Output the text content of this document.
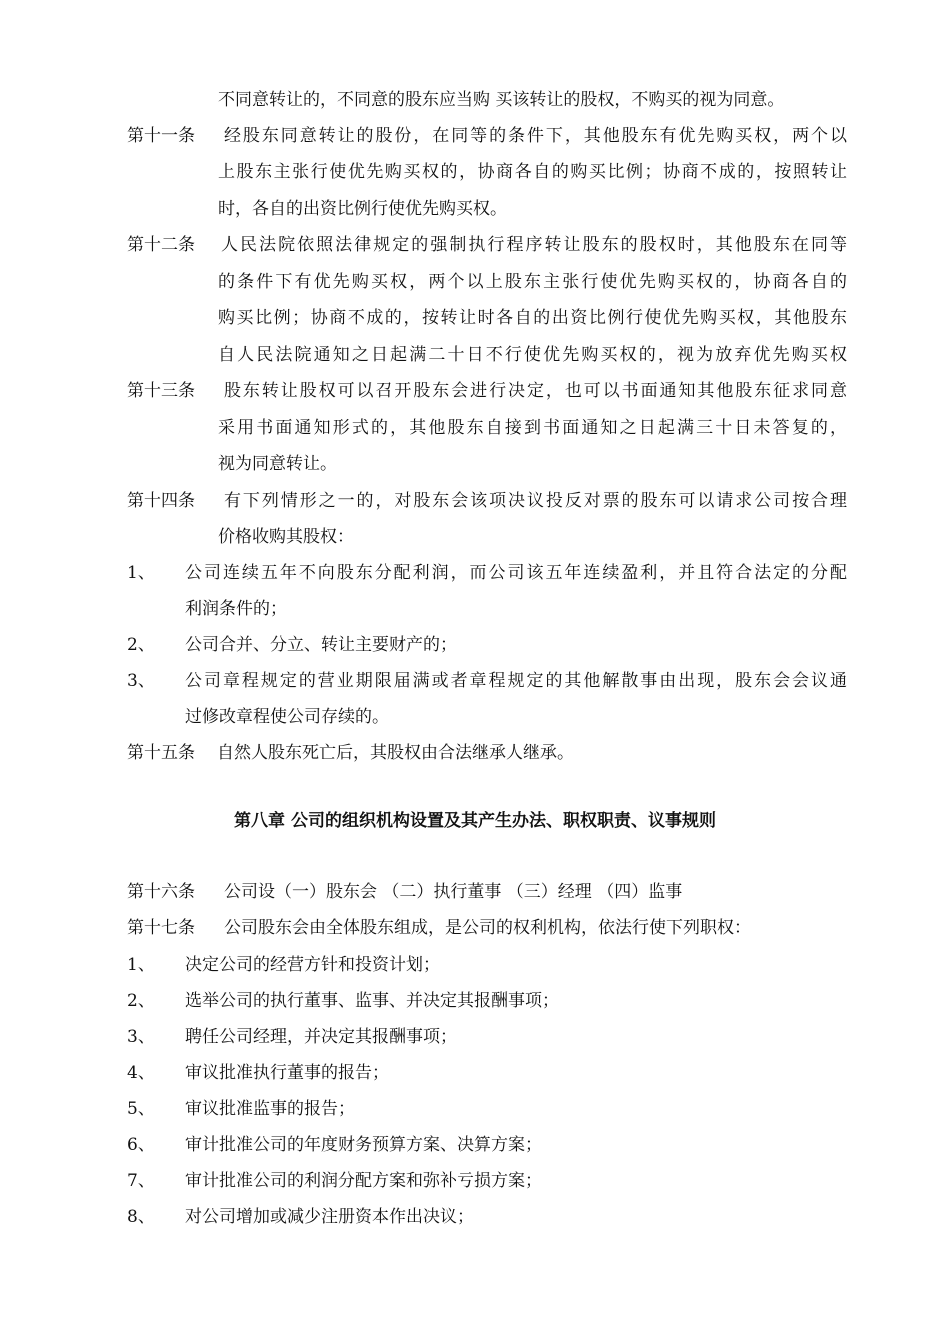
不同意转让的，不同意的股东应当购 买该转让的股权，不购买的视为同意。
第十一条 经股东同意转让的股份，在同等的条件下，其他股东有优先购买权，两个以
上股东主张行使优先购买权的，协商各自的购买比例；协商不成的，按照转让
时，各自的出资比例行使优先购买权。
第十二条 人民法院依照法律规定的强制执行程序转让股东的股权时，其他股东在同等
的条件下有优先购买权，两个以上股东主张行使优先购买权的，协商各自的
购买比例；协商不成的，按转让时各自的出资比例行使优先购买权，其他股东
自人民法院通知之日起满二十日不行使优先购买权的，视为放弃优先购买权
第十三条 股东转让股权可以召开股东会进行决定，也可以书面通知其他股东征求同意
采用书面通知形式的，其他股东自接到书面通知之日起满三十日未答复的，
视为同意转让。
第十四条 有下列情形之一的，对股东会该项决议投反对票的股东可以请求公司按合理
价格收购其股权：
1、 公司连续五年不向股东分配利润，而公司该五年连续盈利，并且符合法定的分配
利润条件的；
2、 公司合并、分立、转让主要财产的；
3、 公司章程规定的营业期限届满或者章程规定的其他解散事由出现，股东会会议通
过修改章程使公司存续的。
第十五条 自然人股东死亡后，其股权由合法继承人继承。
第八章 公司的组织机构设置及其产生办法、职权职责、议事规则
第十六条 公司设（一）股东会 （二）执行董事 （三）经理 （四）监事
第十七条 公司股东会由全体股东组成，是公司的权利机构，依法行使下列职权：
1、 决定公司的经营方针和投资计划；
2、 选举公司的执行董事、监事、并决定其报酬事项；
3、 聘任公司经理，并决定其报酬事项；
4、 审议批准执行董事的报告；
5、 审议批准监事的报告；
6、 审计批准公司的年度财务预算方案、决算方案；
7、 审计批准公司的利润分配方案和弥补亏损方案；
8、 对公司增加或减少注册资本作出决议；
